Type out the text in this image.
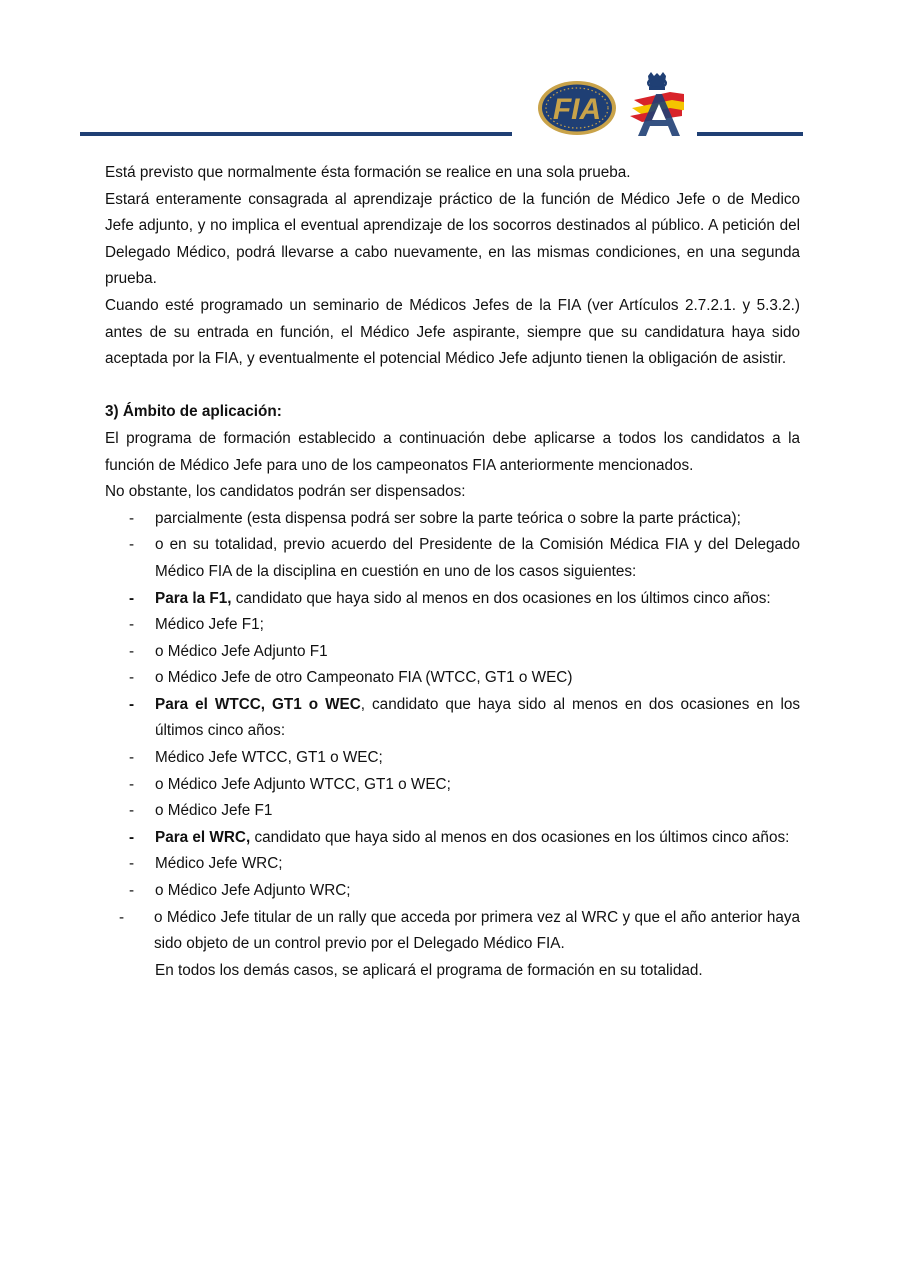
FIA

Está previsto que normalmente ésta formación se realice en una sola prueba.

Estará enteramente consagrada al aprendizaje práctico de la función de Médico Jefe o de Medico Jefe adjunto, y no implica el eventual aprendizaje de los socorros destinados al público. A petición del Delegado Médico, podrá llevarse a cabo nuevamente, en las mismas condiciones, en una segunda prueba.

Cuando esté programado un seminario de Médicos Jefes de la FIA (ver Artículos 2.7.2.1. y 5.3.2.) antes de su entrada en función, el Médico Jefe aspirante, siempre que su candidatura haya sido aceptada por la FIA, y eventualmente el potencial Médico Jefe adjunto tienen la obligación de asistir.

3) Ámbito de aplicación:

El programa de formación establecido a continuación debe aplicarse a todos los candidatos a la función de Médico Jefe para uno de los campeonatos FIA anteriormente mencionados.

No obstante, los candidatos podrán ser dispensados:

- parcialmente (esta dispensa podrá ser sobre la parte teórica o sobre la parte práctica);
- o en su totalidad, previo acuerdo del Presidente de la Comisión Médica FIA y del Delegado Médico FIA de la disciplina en cuestión en uno de los casos siguientes:
- Para la F1, candidato que haya sido al menos en dos ocasiones en los últimos cinco años:
- Médico Jefe F1;
- o Médico Jefe Adjunto F1
- o Médico Jefe de otro Campeonato FIA (WTCC, GT1 o WEC)
- Para el WTCC, GT1 o WEC, candidato que haya sido al menos en dos ocasiones en los últimos cinco años:
- Médico Jefe WTCC, GT1 o WEC;
- o Médico Jefe Adjunto WTCC, GT1 o WEC;
- o Médico Jefe F1
- Para el WRC, candidato que haya sido al menos en dos ocasiones en los últimos cinco años:
- Médico Jefe WRC;
- o Médico Jefe Adjunto WRC;
- o Médico Jefe titular de un rally que acceda por primera vez al WRC y que el año anterior haya sido objeto de un control previo por el Delegado Médico FIA.

En todos los demás casos, se aplicará el programa de formación en su totalidad.
